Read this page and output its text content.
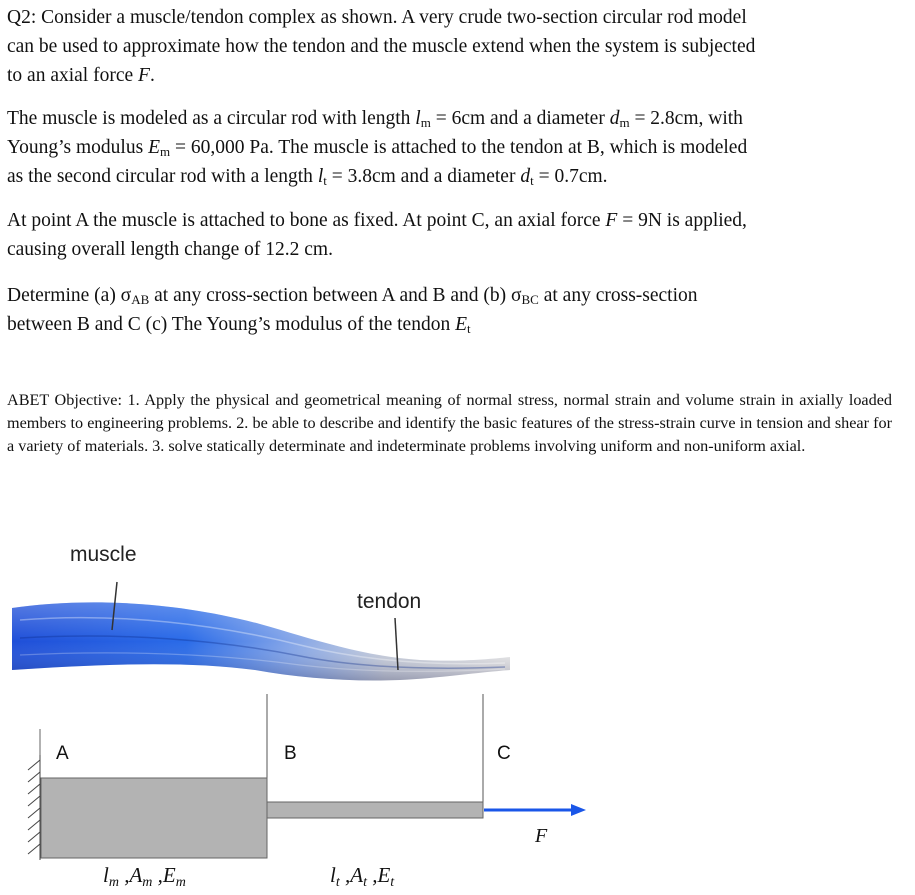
Q2: Consider a muscle/tendon complex as shown. A very crude two-section circular rod model

can be used to approximate how the tendon and the muscle extend when the system is subjected

to an axial force F.

The muscle is modeled as a circular rod with length $l_m = 6cm$ and a diameter $d_m = 2.8cm$, with

Young’s modulus $E_m = 60,000$ Pa. The muscle is attached to the tendon at B, which is modeled

as the second circular rod with a length $l_t = 3.8cm$ and a diameter $d_t = 0.7cm$.

At point A the muscle is attached to bone as fixed. At point C, an axial force F = 9N is applied,

causing overall length change of 12.2 cm.

Determine (a) $\sigma_{AB}$ at any cross-section between A and B and (b) $\sigma_{BC}$ at any cross-section

between B and C (c) The Young’s modulus of the tendon $E_t$

ABET Objective: 1. Apply the physical and geometrical meaning of normal stress, normal strain and volume strain in axially loaded members to engineering problems. 2. be able to describe and identify the basic features of the stress-strain curve in tension and shear for a variety of materials. 3. solve statically determinate and indeterminate problems involving uniform and non-uniform axial.
muscle
tendon
A	B	C
F
lm ,Am ,Em	lt ,At ,Et
